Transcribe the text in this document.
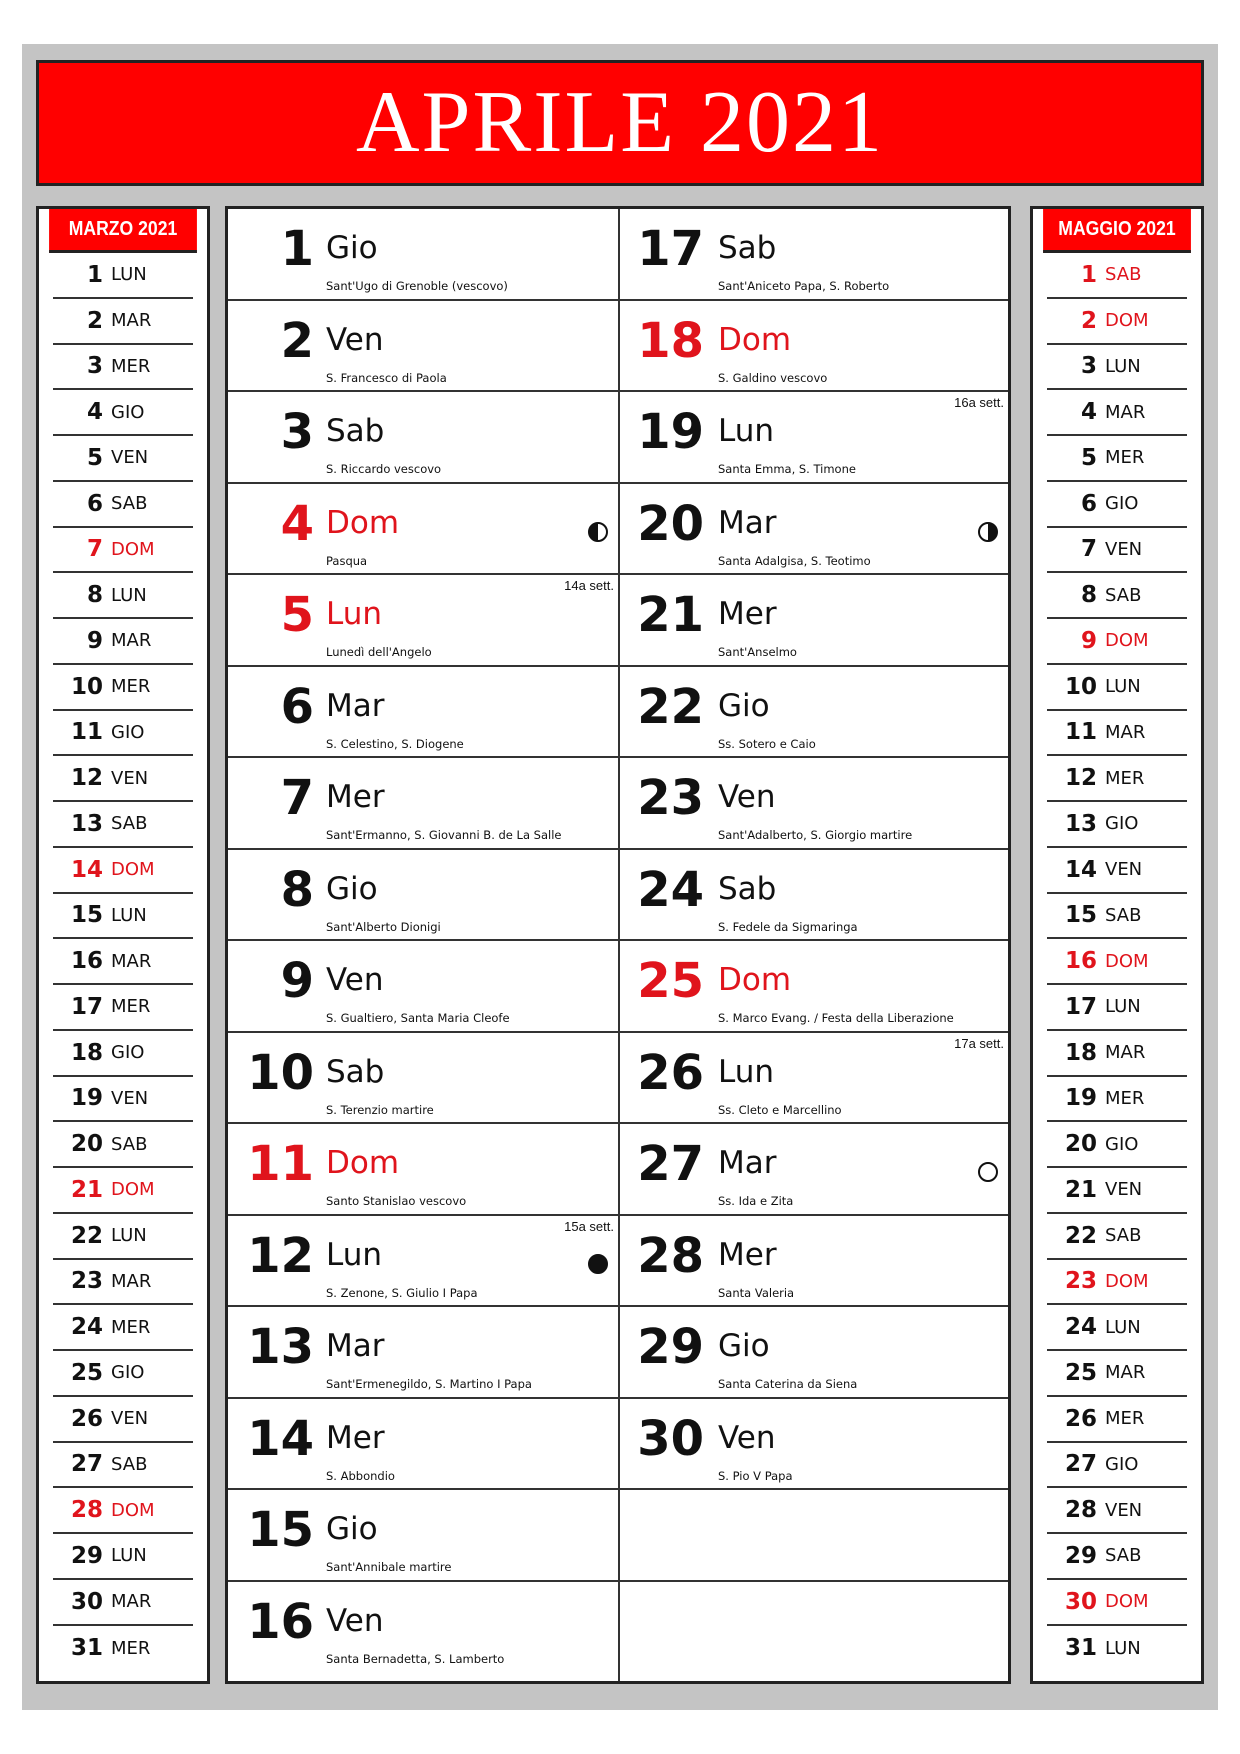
APRILE 2021
MARZO 2021
1 LUN
2 MAR
3 MER
4 GIO
5 VEN
6 SAB
7 DOM
8 LUN
9 MAR
10 MER
11 GIO
12 VEN
13 SAB
14 DOM
15 LUN
16 MAR
17 MER
18 GIO
19 VEN
20 SAB
21 DOM
22 LUN
23 MAR
24 MER
25 GIO
26 VEN
27 SAB
28 DOM
29 LUN
30 MAR
31 MER
1 Gio
Sant'Ugo di Grenoble (vescovo)
2 Ven
S. Francesco di Paola
3 Sab
S. Riccardo vescovo
4 Dom
Pasqua
5 Lun
Lunedì dell'Angelo
14a sett.
6 Mar
S. Celestino, S. Diogene
7 Mer
Sant'Ermanno, S. Giovanni B. de La Salle
8 Gio
Sant'Alberto Dionigi
9 Ven
S. Gualtiero, Santa Maria Cleofe
10 Sab
S. Terenzio martire
11 Dom
Santo Stanislao vescovo
12 Lun
S. Zenone, S. Giulio I Papa
15a sett.
13 Mar
Sant'Ermenegildo, S. Martino I Papa
14 Mer
S. Abbondio
15 Gio
Sant'Annibale martire
16 Ven
Santa Bernadetta, S. Lamberto
17 Sab
Sant'Aniceto Papa, S. Roberto
18 Dom
S. Galdino vescovo
19 Lun
Santa Emma, S. Timone
16a sett.
20 Mar
Santa Adalgisa, S. Teotimo
21 Mer
Sant'Anselmo
22 Gio
Ss. Sotero e Caio
23 Ven
Sant'Adalberto, S. Giorgio martire
24 Sab
S. Fedele da Sigmaringa
25 Dom
S. Marco Evang. / Festa della Liberazione
26 Lun
Ss. Cleto e Marcellino
17a sett.
27 Mar
Ss. Ida e Zita
28 Mer
Santa Valeria
29 Gio
Santa Caterina da Siena
30 Ven
S. Pio V Papa
MAGGIO 2021
1 SAB
2 DOM
3 LUN
4 MAR
5 MER
6 GIO
7 VEN
8 SAB
9 DOM
10 LUN
11 MAR
12 MER
13 GIO
14 VEN
15 SAB
16 DOM
17 LUN
18 MAR
19 MER
20 GIO
21 VEN
22 SAB
23 DOM
24 LUN
25 MAR
26 MER
27 GIO
28 VEN
29 SAB
30 DOM
31 LUN
